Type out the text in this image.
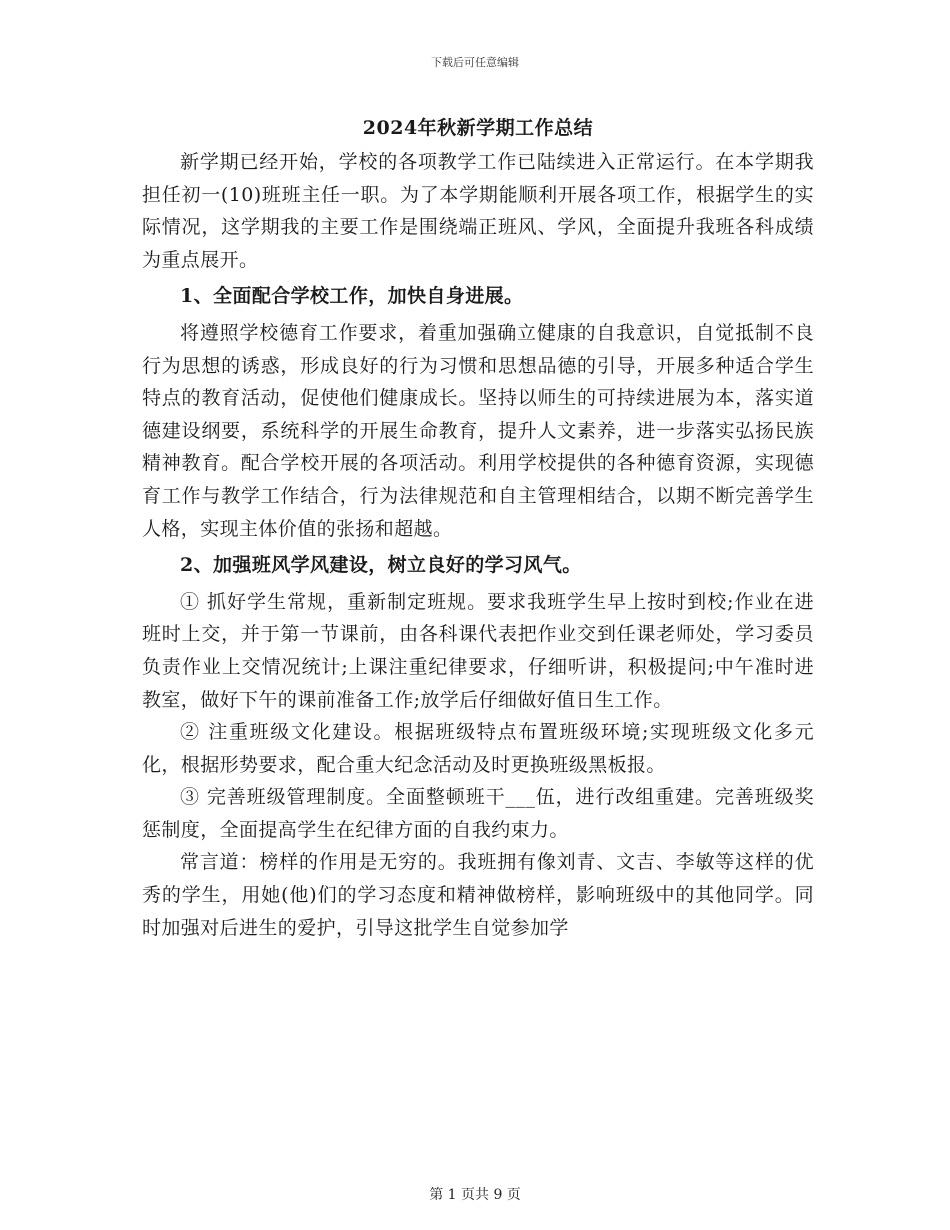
下载后可任意编辑
2024年秋新学期工作总结

新学期已经开始，学校的各项教学工作已陆续进入正常运行。在本学期我担任初一(10)班班主任一职。为了本学期能顺利开展各项工作，根据学生的实际情况，这学期我的主要工作是围绕端正班风、学风，全面提升我班各科成绩为重点展开。

1、全面配合学校工作，加快自身进展。

将遵照学校德育工作要求，着重加强确立健康的自我意识，自觉抵制不良行为思想的诱惑，形成良好的行为习惯和思想品德的引导，开展多种适合学生特点的教育活动，促使他们健康成长。坚持以师生的可持续进展为本，落实道德建设纲要，系统科学的开展生命教育，提升人文素养，进一步落实弘扬民族精神教育。配合学校开展的各项活动。利用学校提供的各种德育资源，实现德育工作与教学工作结合，行为法律规范和自主管理相结合，以期不断完善学生人格，实现主体价值的张扬和超越。

2、加强班风学风建设，树立良好的学习风气。

① 抓好学生常规，重新制定班规。要求我班学生早上按时到校;作业在进班时上交，并于第一节课前，由各科课代表把作业交到任课老师处，学习委员负责作业上交情况统计;上课注重纪律要求，仔细听讲，积极提问;中午准时进教室，做好下午的课前准备工作;放学后仔细做好值日生工作。

② 注重班级文化建设。根据班级特点布置班级环境;实现班级文化多元化，根据形势要求，配合重大纪念活动及时更换班级黑板报。

③ 完善班级管理制度。全面整顿班干___伍，进行改组重建。完善班级奖惩制度，全面提高学生在纪律方面的自我约束力。

常言道：榜样的作用是无穷的。我班拥有像刘青、文吉、李敏等这样的优秀的学生，用她(他)们的学习态度和精神做榜样，影响班级中的其他同学。同时加强对后进生的爱护，引导这批学生自觉参加学

第 1 页共 9 页
